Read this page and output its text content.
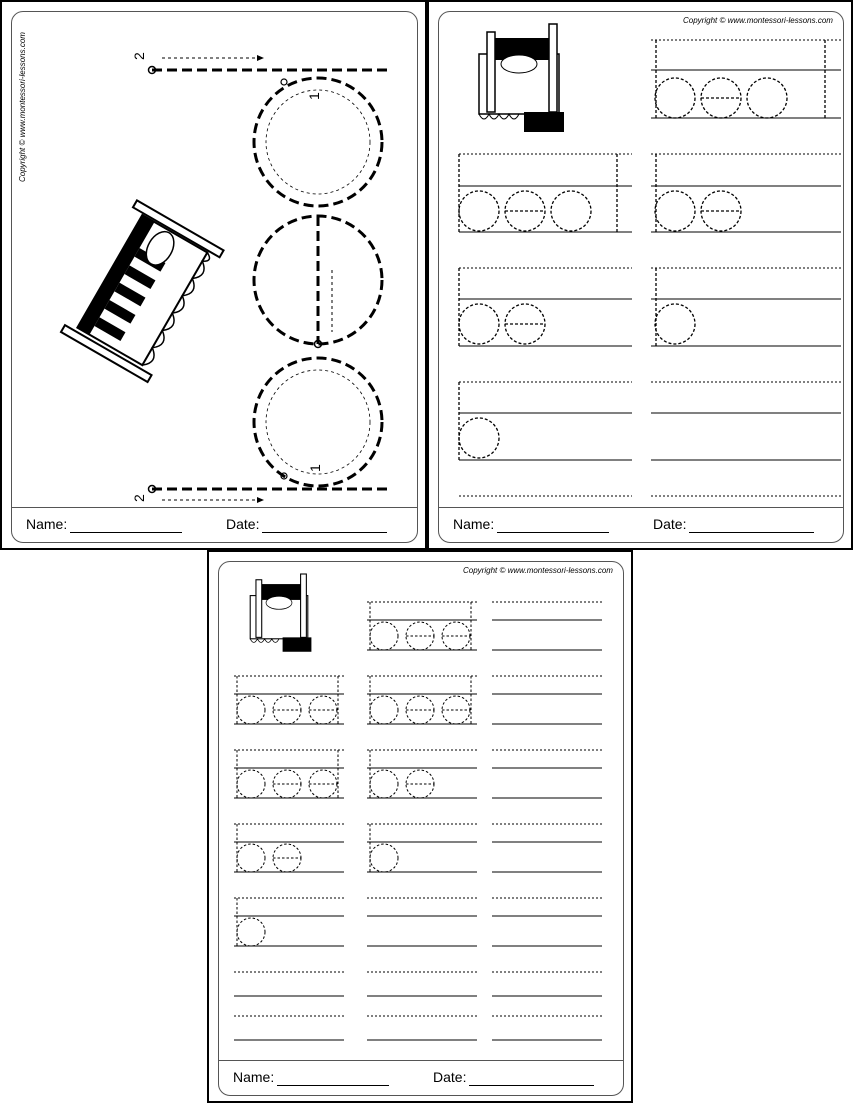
Copyright © www.montessori-lessons.com
Name:	Date:
2
2
1
1
Copyright © www.montessori-lessons.com
Name:	Date:
Copyright © www.montessori-lessons.com
Name:	Date:
